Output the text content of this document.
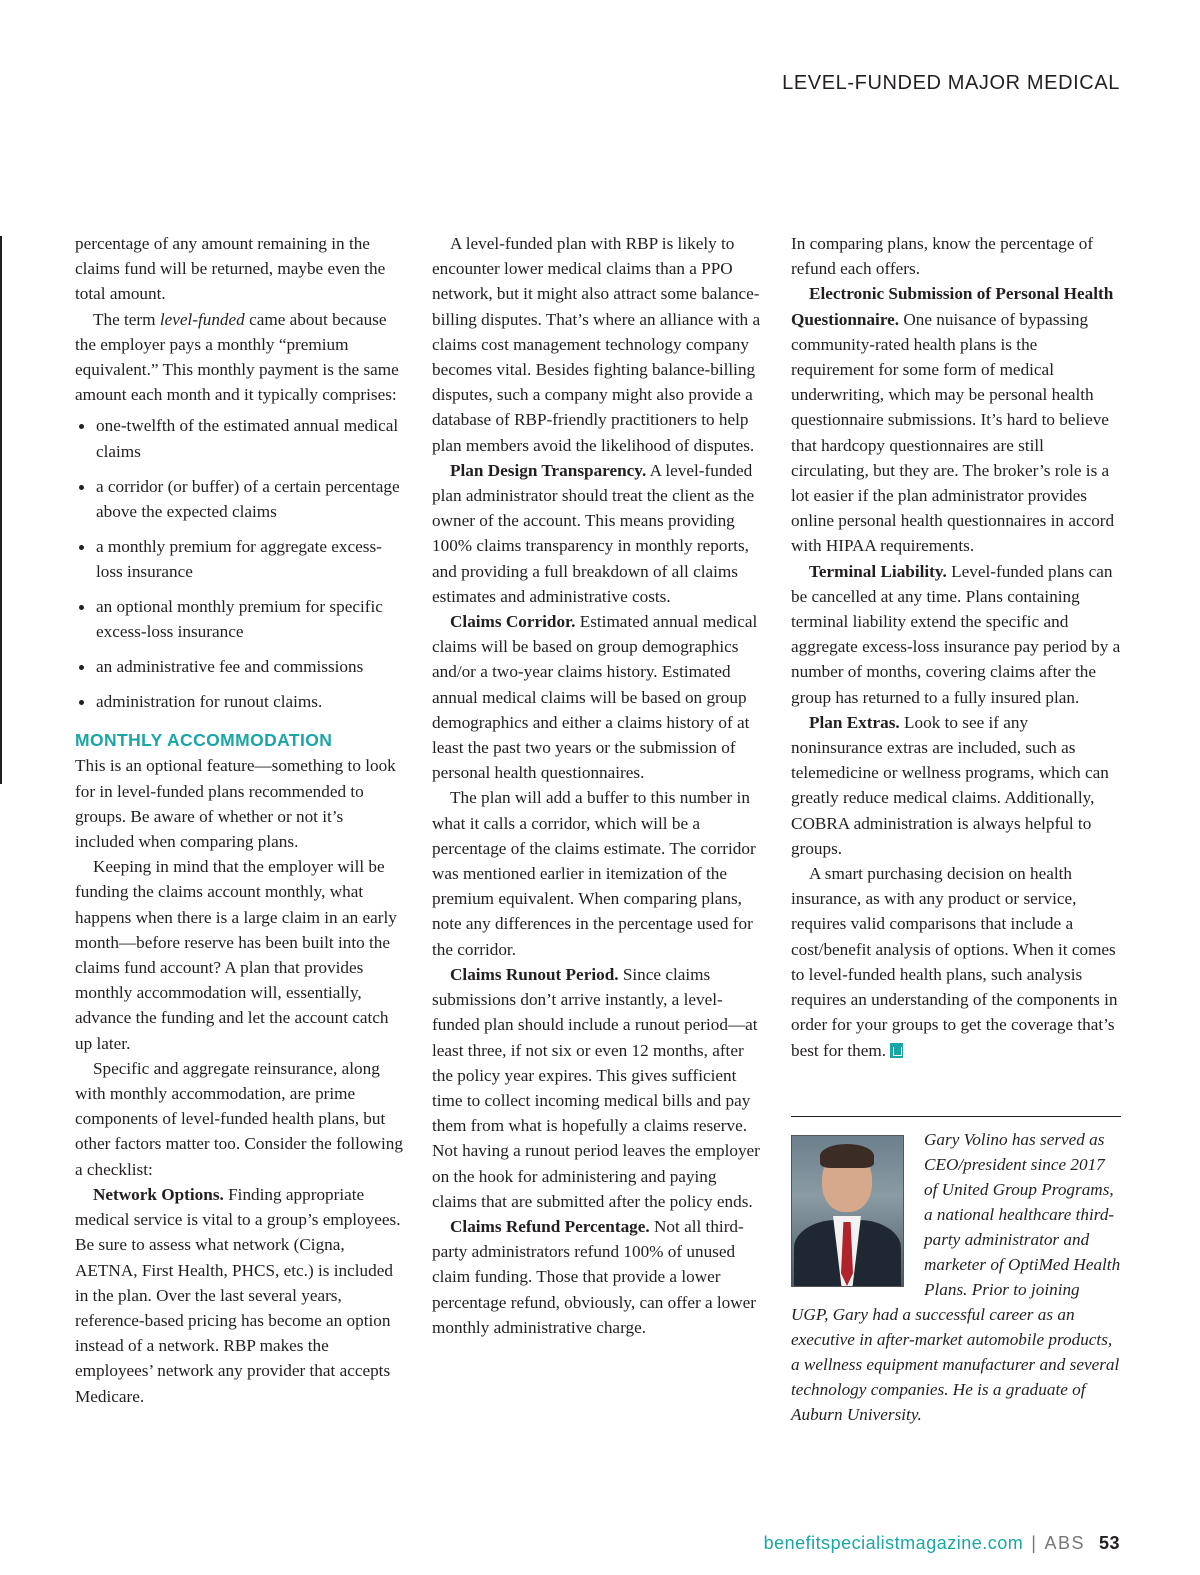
LEVEL-FUNDED MAJOR MEDICAL

percentage of any amount remaining in the claims fund will be returned, maybe even the total amount.

The term level-funded came about because the employer pays a monthly “premium equivalent.” This monthly payment is the same amount each month and it typically comprises:

one-twelfth of the estimated annual medical claims
a corridor (or buffer) of a certain percentage above the expected claims
a monthly premium for aggregate excess-loss insurance
an optional monthly premium for specific excess-loss insurance
an administrative fee and commissions
administration for runout claims.
MONTHLY ACCOMMODATION

This is an optional feature—something to look for in level-funded plans recommended to groups. Be aware of whether or not it’s included when comparing plans.

Keeping in mind that the employer will be funding the claims account monthly, what happens when there is a large claim in an early month—before reserve has been built into the claims fund account? A plan that provides monthly accommodation will, essentially, advance the funding and let the account catch up later.

Specific and aggregate reinsurance, along with monthly accommodation, are prime components of level-funded health plans, but other factors matter too. Consider the following a checklist:

Network Options. Finding appropriate medical service is vital to a group’s employees. Be sure to assess what network (Cigna, AETNA, First Health, PHCS, etc.) is included in the plan. Over the last several years, reference-based pricing has become an option instead of a network. RBP makes the employees’ network any provider that accepts Medicare.

A level-funded plan with RBP is likely to encounter lower medical claims than a PPO network, but it might also attract some balance-billing disputes. That’s where an alliance with a claims cost management technology company becomes vital. Besides fighting balance-billing disputes, such a company might also provide a database of RBP-friendly practitioners to help plan members avoid the likelihood of disputes.

Plan Design Transparency. A level-funded plan administrator should treat the client as the owner of the account. This means providing 100% claims transparency in monthly reports, and providing a full breakdown of all claims estimates and administrative costs.

Claims Corridor. Estimated annual medical claims will be based on group demographics and/or a two-year claims history. Estimated annual medical claims will be based on group demographics and either a claims history of at least the past two years or the submission of personal health questionnaires.

The plan will add a buffer to this number in what it calls a corridor, which will be a percentage of the claims estimate. The corridor was mentioned earlier in itemization of the premium equivalent. When comparing plans, note any differences in the percentage used for the corridor.

Claims Runout Period. Since claims submissions don’t arrive instantly, a level-funded plan should include a runout period—at least three, if not six or even 12 months, after the policy year expires. This gives sufficient time to collect incoming medical bills and pay them from what is hopefully a claims reserve. Not having a runout period leaves the employer on the hook for administering and paying claims that are submitted after the policy ends.

Claims Refund Percentage. Not all third-party administrators refund 100% of unused claim funding. Those that provide a lower percentage refund, obviously, can offer a lower monthly administrative charge.

In comparing plans, know the percentage of refund each offers.

Electronic Submission of Personal Health Questionnaire. One nuisance of bypassing community-rated health plans is the requirement for some form of medical underwriting, which may be personal health questionnaire submissions. It’s hard to believe that hardcopy questionnaires are still circulating, but they are. The broker’s role is a lot easier if the plan administrator provides online personal health questionnaires in accord with HIPAA requirements.

Terminal Liability. Level-funded plans can be cancelled at any time. Plans containing terminal liability extend the specific and aggregate excess-loss insurance pay period by a number of months, covering claims after the group has returned to a fully insured plan.

Plan Extras. Look to see if any noninsurance extras are included, such as telemedicine or wellness programs, which can greatly reduce medical claims. Additionally, COBRA administration is always helpful to groups.

A smart purchasing decision on health insurance, as with any product or service, requires valid comparisons that include a cost/benefit analysis of options. When it comes to level-funded health plans, such analysis requires an understanding of the components in order for your groups to get the coverage that’s best for them.

Gary Volino has served as CEO/president since 2017 of United Group Programs, a national healthcare third-party administrator and marketer of OptiMed Health Plans. Prior to joining UGP, Gary had a successful career as an executive in after-market automobile products, a wellness equipment manufacturer and several technology companies. He is a graduate of Auburn University.

benefitspecialistmagazine.com | ABS 53
